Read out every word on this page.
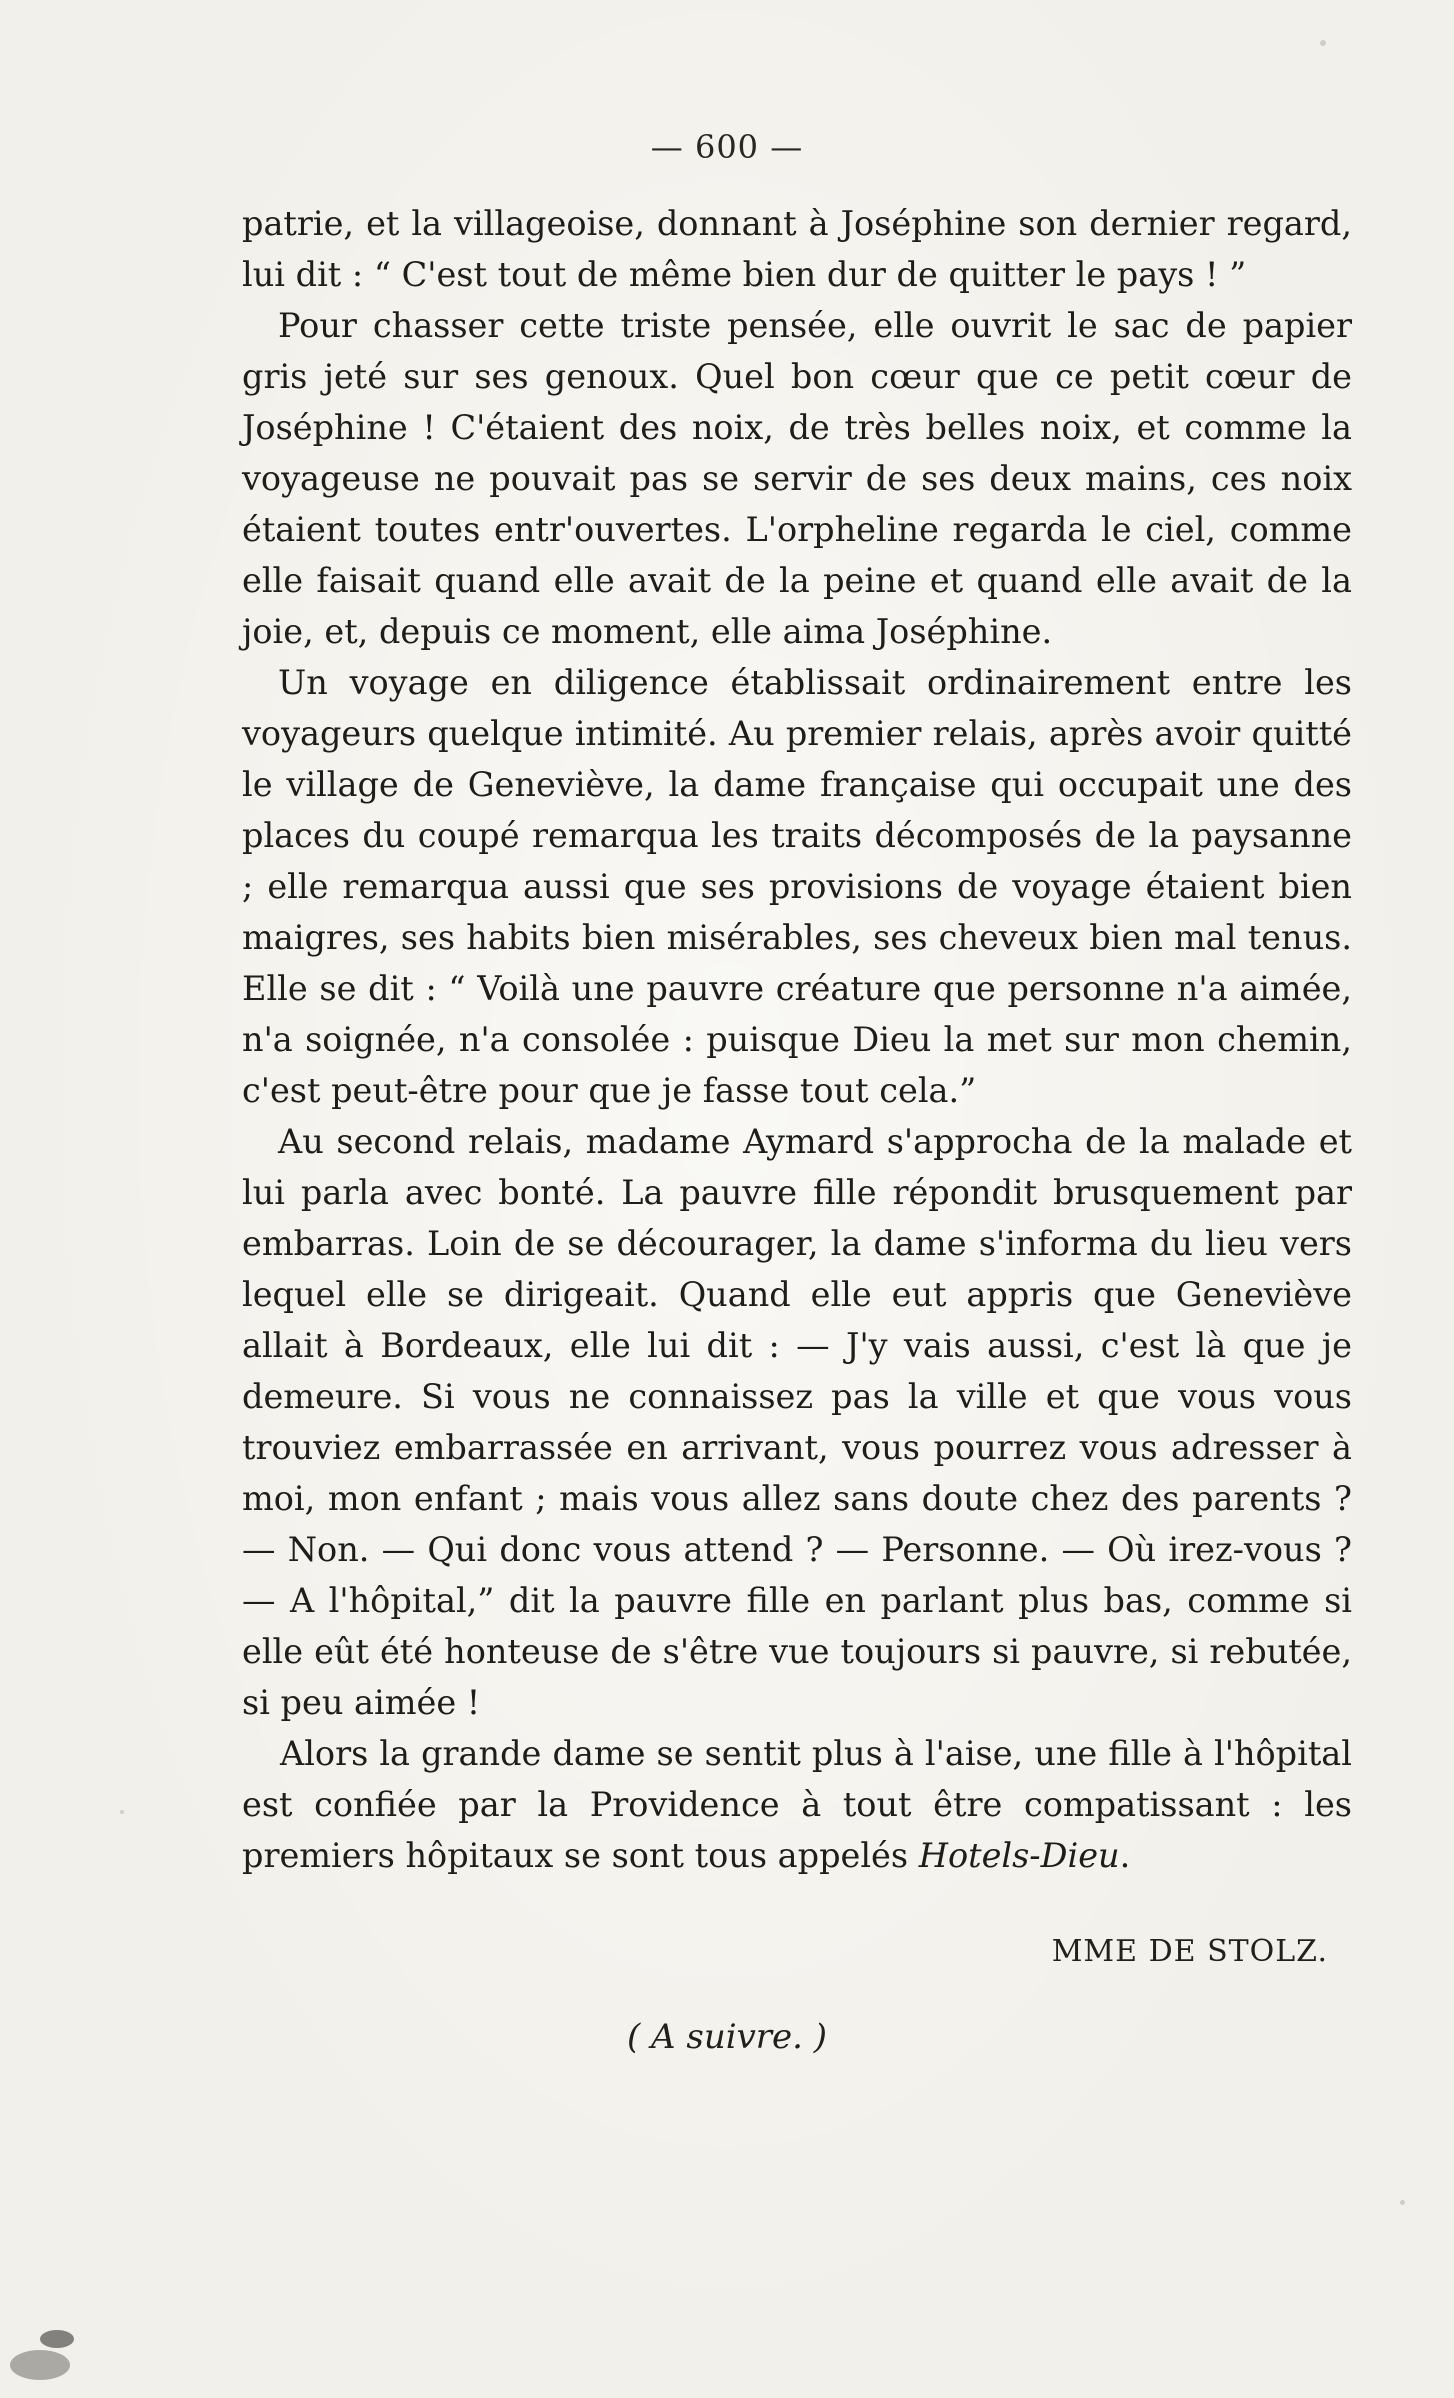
— 600 —

patrie, et la villageoise, donnant à Joséphine son dernier regard, lui dit : “ C'est tout de même bien dur de quitter le pays ! ”

Pour chasser cette triste pensée, elle ouvrit le sac de papier gris jeté sur ses genoux. Quel bon cœur que ce petit cœur de Joséphine ! C'étaient des noix, de très belles noix, et comme la voyageuse ne pouvait pas se servir de ses deux mains, ces noix étaient toutes entr'ouvertes. L'orpheline regarda le ciel, comme elle faisait quand elle avait de la peine et quand elle avait de la joie, et, depuis ce moment, elle aima Joséphine.

Un voyage en diligence établissait ordinairement entre les voyageurs quelque intimité. Au premier relais, après avoir quitté le village de Geneviève, la dame française qui occupait une des places du coupé remarqua les traits décomposés de la paysanne ; elle remarqua aussi que ses provisions de voyage étaient bien maigres, ses habits bien misérables, ses cheveux bien mal tenus. Elle se dit : “ Voilà une pauvre créature que personne n'a aimée, n'a soignée, n'a consolée : puisque Dieu la met sur mon chemin, c'est peut-être pour que je fasse tout cela.”

Au second relais, madame Aymard s'approcha de la malade et lui parla avec bonté. La pauvre fille répondit brusquement par embarras. Loin de se décourager, la dame s'informa du lieu vers lequel elle se dirigeait. Quand elle eut appris que Geneviève allait à Bordeaux, elle lui dit : — J'y vais aussi, c'est là que je demeure. Si vous ne connaissez pas la ville et que vous vous trouviez embarrassée en arrivant, vous pourrez vous adresser à moi, mon enfant ; mais vous allez sans doute chez des parents ? — Non. — Qui donc vous attend ? — Personne. — Où irez-vous ? — A l'hôpital,” dit la pauvre fille en parlant plus bas, comme si elle eût été honteuse de s'être vue toujours si pauvre, si rebutée, si peu aimée !

Alors la grande dame se sentit plus à l'aise, une fille à l'hôpital est confiée par la Providence à tout être compatissant : les premiers hôpitaux se sont tous appelés Hotels-Dieu.

MME DE STOLZ.
( A suivre. )
